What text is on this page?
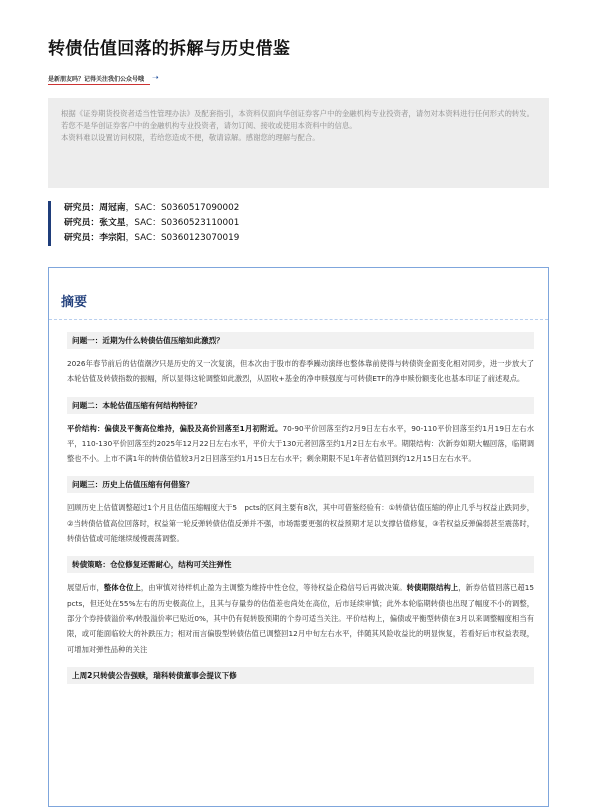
转债估值回落的拆解与历史借鉴
是新朋友吗？记得关注我们公众号哦 ➝

根据《证券期货投资者适当性管理办法》及配套指引，本资料仅面向华创证券客户中的金融机构专业投资者，请勿对本资料进行任何形式的转发。若您不是华创证券客户中的金融机构专业投资者，请勿订阅、接收或使用本资料中的信息。

本资料难以设置访问权限，若给您造成不便，敬请谅解。感谢您的理解与配合。

研究员：周冠南，SAC：S0360517090002
研究员：张文星，SAC：S0360523110001
研究员：李宗阳，SAC：S0360123070019
摘要

问题一：近期为什么转债估值压缩如此激烈？

2026年春节前后的估值潮汐只是历史的又一次复演，但本次由于股市的春季躁动演绎也整体靠前使得与转债资金面变化相对同步，进一步放大了本轮估值及转债指数的振幅，所以显得这轮调整如此激烈，从固收+基金的净申赎强度与可转债ETF的净申赎份额变化也基本印证了前述观点。

问题二：本轮估值压缩有何结构特征？

平价结构：偏债及平衡高位维持，偏股及高价回落至1月初附近。70-90平价回落至约2月9日左右水平，90-110平价回落至约1月19日左右水平，110-130平价回落至约2025年12月22日左右水平，平价大于130元者回落至约1月2日左右水平。期限结构：次新券如期大幅回落，临期调整也不小。上市不满1年的转债估值较3月2日回落至约1月15日左右水平；剩余期限不足1年者估值回到约12月15日左右水平。

问题三：历史上估值压缩有何借鉴？

回顾历史上估值调整超过1个月且估值压缩幅度大于5　pcts的区间主要有8次，其中可借鉴经验有：①转债估值压缩的停止几乎与权益止跌同步，②当转债估值高位回落时，权益第一轮反弹转债估值反弹并不强，市场需要更强的权益预期才足以支撑估值修复，③若权益反弹偏弱甚至震荡时，转债估值或可能继续缓慢震荡调整。

转债策略：仓位修复还需耐心，结构可关注弹性

展望后市，整体仓位上，由审慎对待样机止盈为主调整为维持中性仓位，等待权益企稳信号后再做决策。转债期限结构上，新券估值回落已超15　pcts，但还处在55%左右的历史极高位上，且其与存量券的估值差也尚处在高位，后市延续审慎；此外本轮临期转债也出现了幅度不小的调整，部分个券持债溢价率/转股溢价率已贴近0%，其中仍有促转股预期的个券可适当关注。平价结构上，偏债或平衡型转债在3月以来调整幅度相当有限，或可能面临较大的补跌压力；相对而言偏股型转债估值已调整回12月中旬左右水平，伴随其风险收益比的明显恢复，若看好后市权益表现，可增加对弹性品种的关注

上周2只转债公告强赎，瑞科转债董事会提议下修
